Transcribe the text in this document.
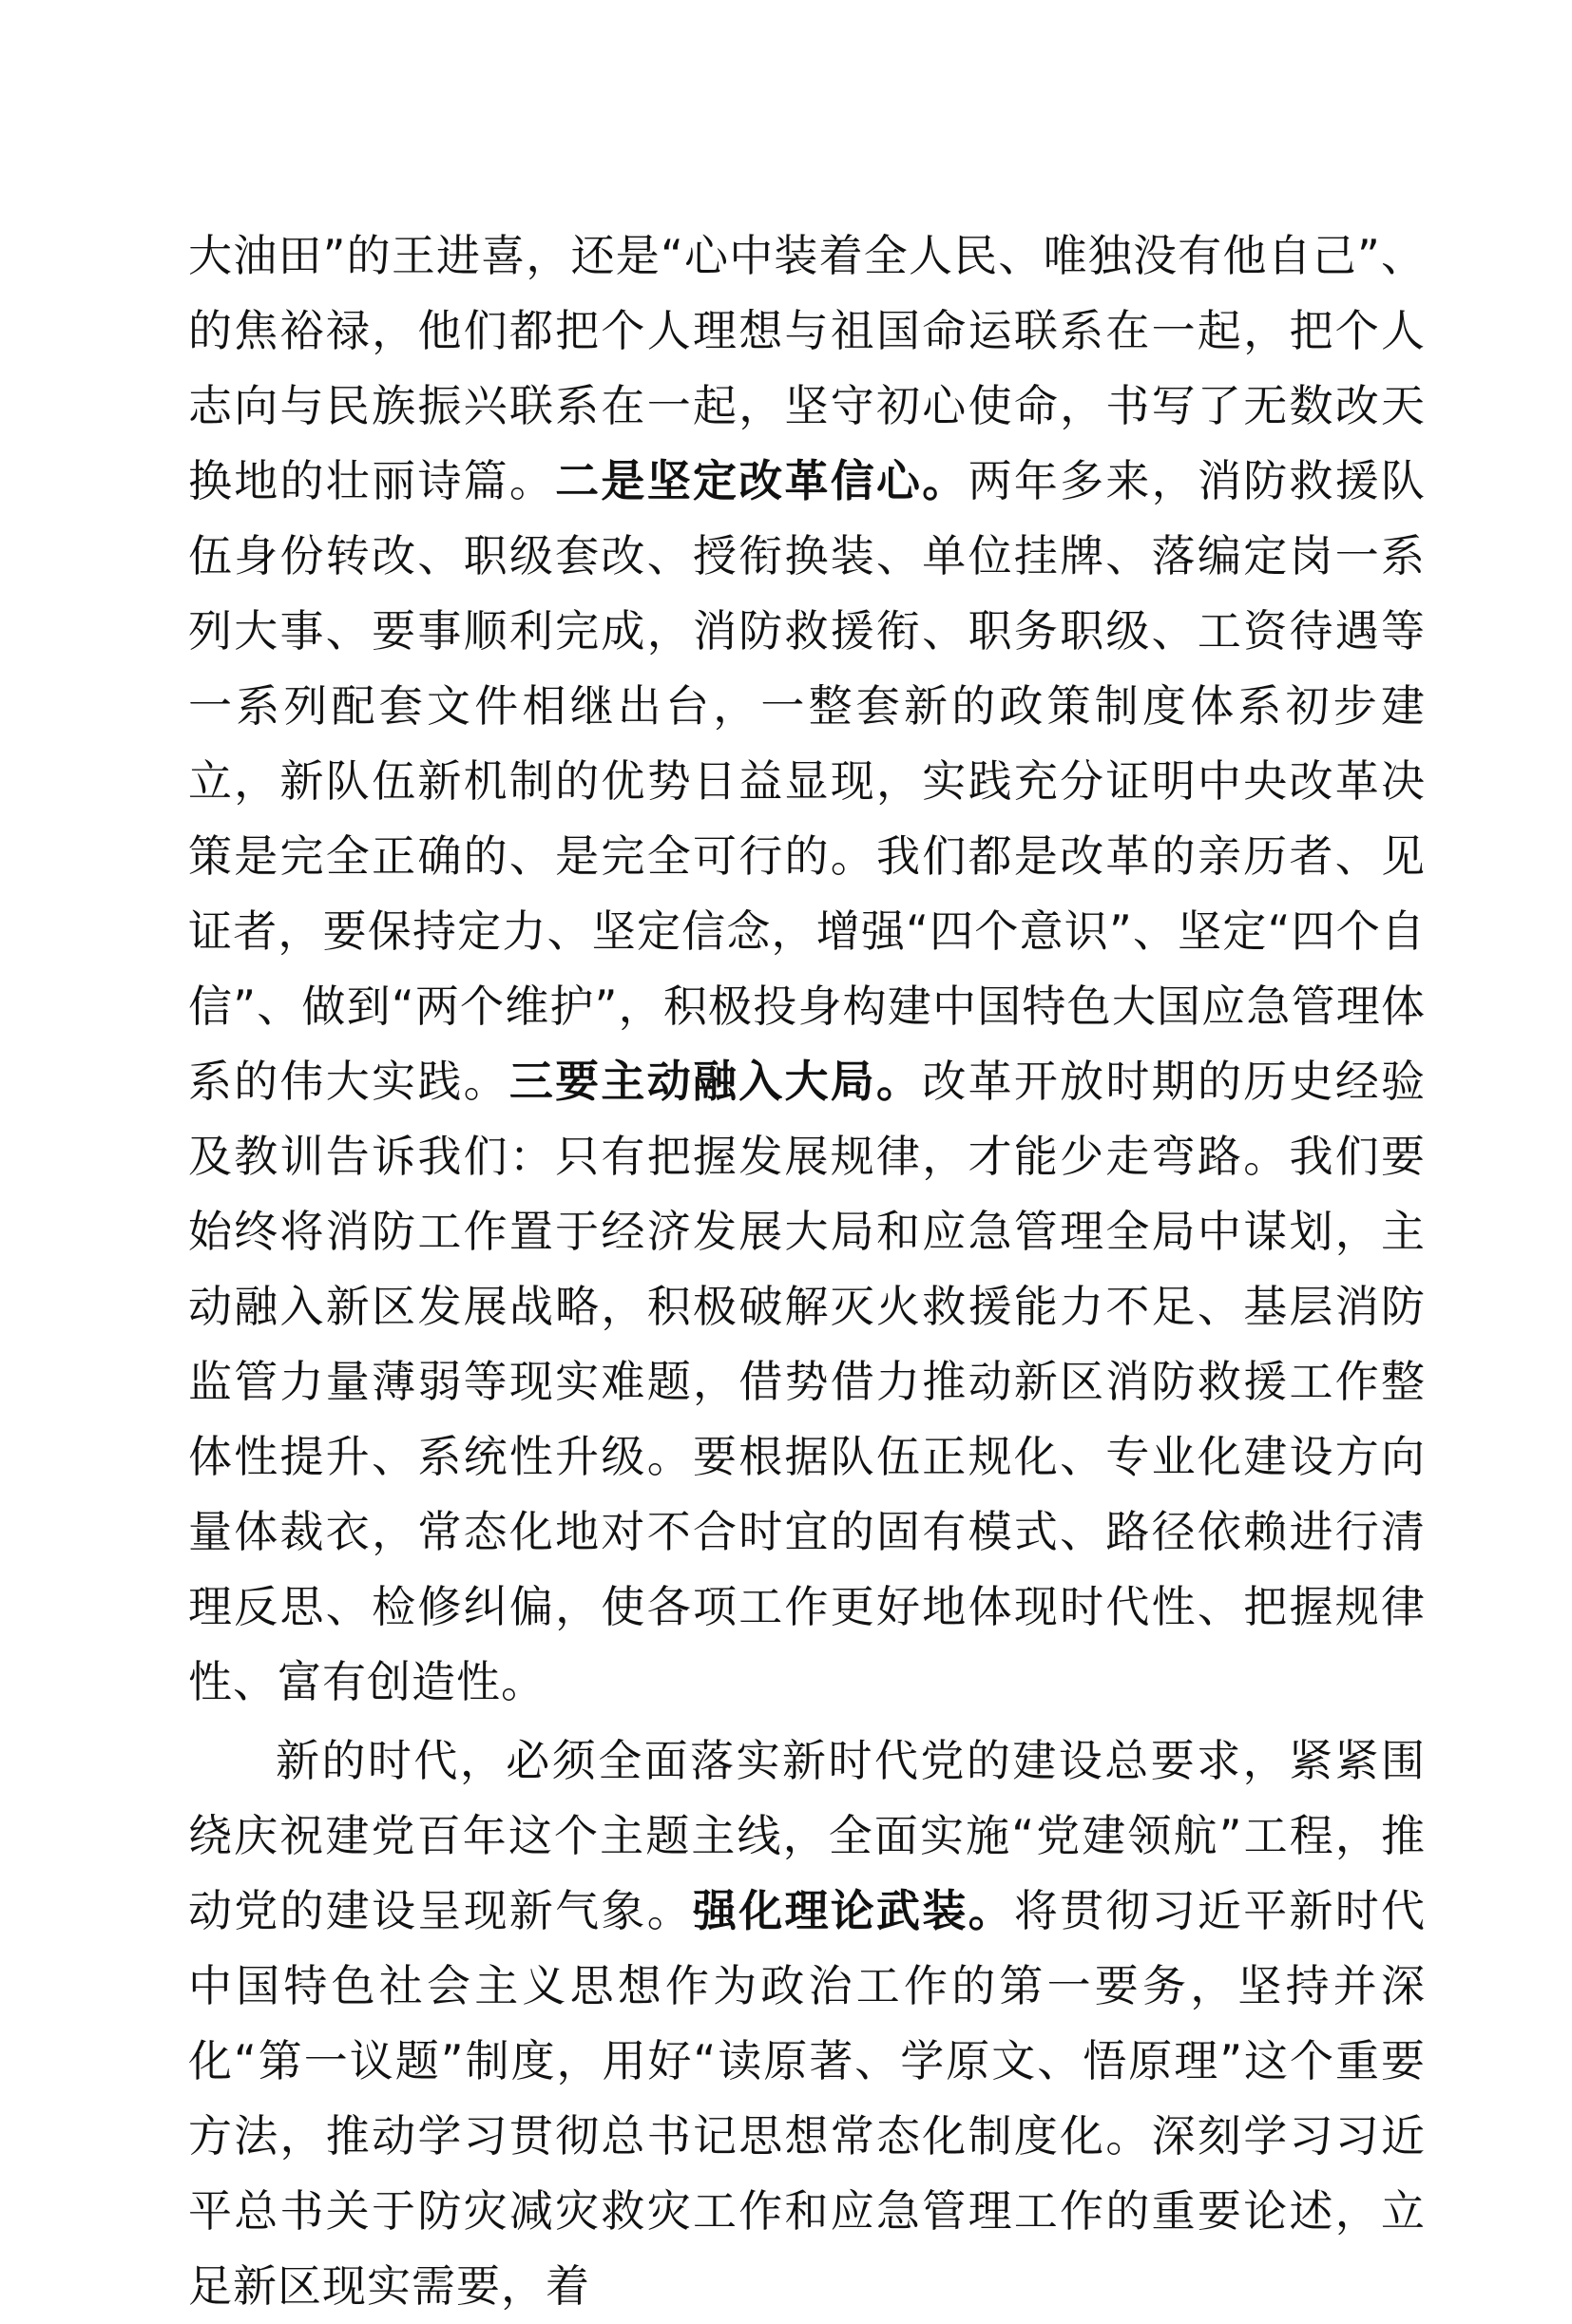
大油田”的王进喜，还是“心中装着全人民、唯独没有他自己”、的焦裕禄，他们都把个人理想与祖国命运联系在一起，把个人志向与民族振兴联系在一起，坚守初心使命，书写了无数改天换地的壮丽诗篇。二是坚定改革信心。两年多来，消防救援队伍身份转改、职级套改、授衔换装、单位挂牌、落编定岗一系列大事、要事顺利完成，消防救援衔、职务职级、工资待遇等一系列配套文件相继出台，一整套新的政策制度体系初步建立，新队伍新机制的优势日益显现，实践充分证明中央改革决策是完全正确的、是完全可行的。我们都是改革的亲历者、见证者，要保持定力、坚定信念，增强“四个意识”、坚定“四个自信”、做到“两个维护”，积极投身构建中国特色大国应急管理体系的伟大实践。三要主动融入大局。改革开放时期的历史经验及教训告诉我们：只有把握发展规律，才能少走弯路。我们要始终将消防工作置于经济发展大局和应急管理全局中谋划，主动融入新区发展战略，积极破解灭火救援能力不足、基层消防监管力量薄弱等现实难题，借势借力推动新区消防救援工作整体性提升、系统性升级。要根据队伍正规化、专业化建设方向量体裁衣，常态化地对不合时宜的固有模式、路径依赖进行清理反思、检修纠偏，使各项工作更好地体现时代性、把握规律性、富有创造性。

新的时代，必须全面落实新时代党的建设总要求，紧紧围绕庆祝建党百年这个主题主线，全面实施“党建领航”工程，推动党的建设呈现新气象。强化理论武装。将贯彻习近平新时代中国特色社会主义思想作为政治工作的第一要务，坚持并深化“第一议题”制度，用好“读原著、学原文、悟原理”这个重要方法，推动学习贯彻总书记思想常态化制度化。深刻学习习近平总书关于防灾减灾救灾工作和应急管理工作的重要论述，立足新区现实需要，着
